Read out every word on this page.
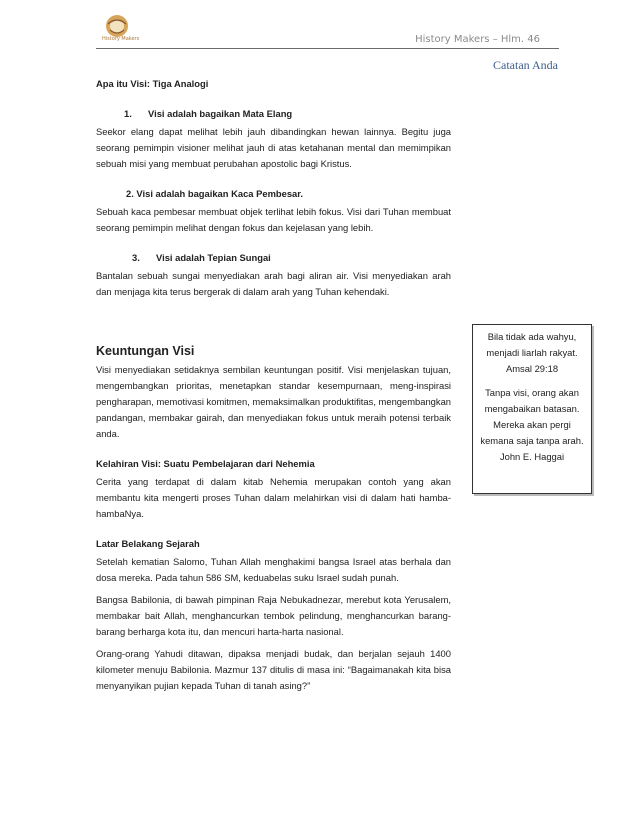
History Makers	History Makers – Hlm. 46
Catatan Anda

Apa itu Visi: Tiga Analogi

1. Visi adalah bagaikan Mata Elang

Seekor elang dapat melihat lebih jauh dibandingkan hewan lainnya. Begitu juga seorang pemimpin visioner melihat jauh di atas ketahanan mental dan memimpikan sebuah misi yang membuat perubahan apostolic bagi Kristus.

2. Visi adalah bagaikan Kaca Pembesar.

Sebuah kaca pembesar membuat objek terlihat lebih fokus. Visi dari Tuhan membuat seorang pemimpin melihat dengan fokus dan kejelasan yang lebih.

3. Visi adalah Tepian Sungai

Bantalan sebuah sungai menyediakan arah bagi aliran air. Visi menyediakan arah dan menjaga kita terus bergerak di dalam arah yang Tuhan kehendaki.

Keuntungan Visi

Visi menyediakan setidaknya sembilan keuntungan positif. Visi menjelaskan tujuan, mengembangkan prioritas, menetapkan standar kesempurnaan, meng-inspirasi pengharapan, memotivasi komitmen, memaksimalkan produktifitas, mengembangkan pandangan, membakar gairah, dan menyediakan fokus untuk meraih potensi terbaik anda.

Kelahiran Visi: Suatu Pembelajaran dari Nehemia

Cerita yang terdapat di dalam kitab Nehemia merupakan contoh yang akan membantu kita mengerti proses Tuhan dalam melahirkan visi di dalam hati hamba-hambaNya.

Latar Belakang Sejarah

Setelah kematian Salomo, Tuhan Allah menghakimi bangsa Israel atas berhala dan dosa mereka. Pada tahun 586 SM, keduabelas suku Israel sudah punah.

Bangsa Babilonia, di bawah pimpinan Raja Nebukadnezar, merebut kota Yerusalem, membakar bait Allah, menghancurkan tembok pelindung, menghancurkan barang-barang berharga kota itu, dan mencuri harta-harta nasional.

Orang-orang Yahudi ditawan, dipaksa menjadi budak, dan berjalan sejauh 1400 kilometer menuju Babilonia. Mazmur 137 ditulis di masa ini: “Bagaimanakah kita bisa menyanyikan pujian kepada Tuhan di tanah asing?”

Bila tidak ada wahyu,
menjadi liarlah rakyat.
Amsal 29:18
Tanpa visi, orang akan
mengabaikan batasan.
Mereka akan pergi
kemana saja tanpa arah.
John E. Haggai
